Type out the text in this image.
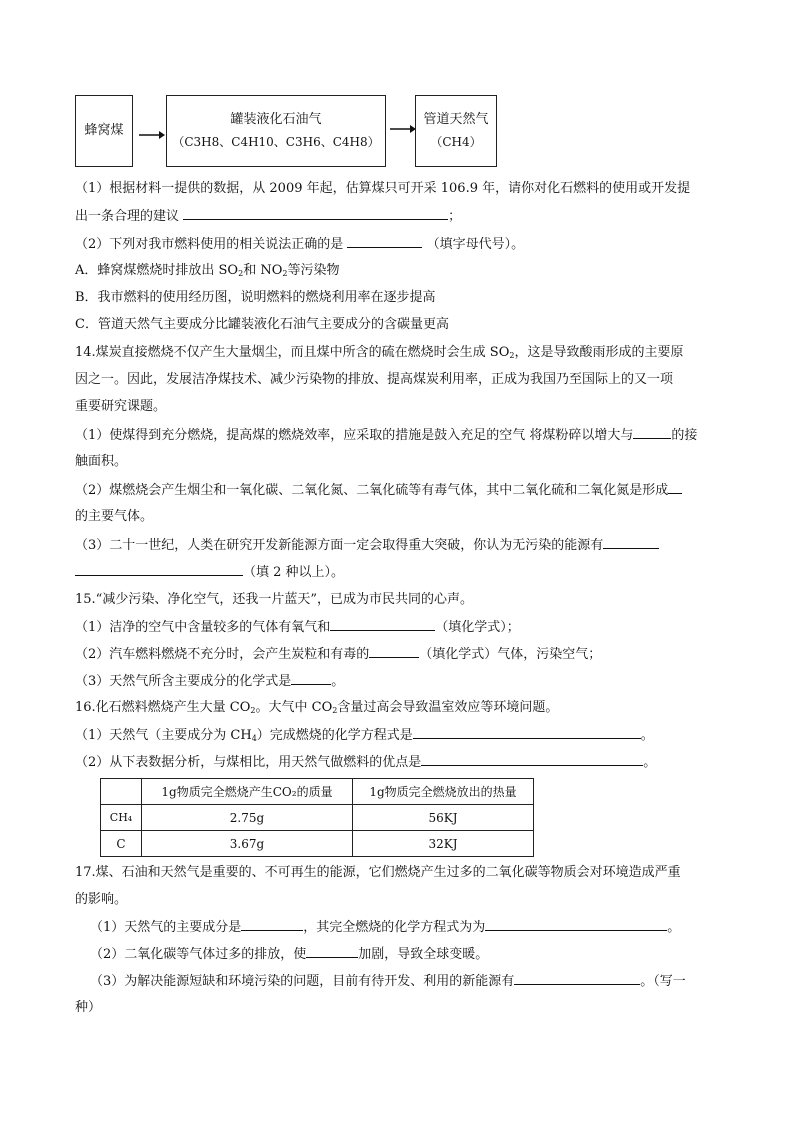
蜂窝煤
罐装液化石油气
（C3H8、C4H10、C3H6、C4H8）
管道天然气
（CH4）
（1）根据材料一提供的数据，从 2009 年起，估算煤只可开采 106.9 年，请你对化石燃料的使用或开发提
出一条合理的建议	；
（2）下列对我市燃料使用的相关说法正确的是	（填字母代号）。
A．蜂窝煤燃烧时排放出 $SO_2$和 $NO_2$等污染物
B．我市燃料的使用经历图，说明燃料的燃烧利用率在逐步提高
C．管道天然气主要成分比罐装液化石油气主要成分的含碳量更高
14.煤炭直接燃烧不仅产生大量烟尘，而且煤中所含的硫在燃烧时会生成 $SO_2$，这是导致酸雨形成的主要原
因之一。因此，发展洁净煤技术、减少污染物的排放、提高煤炭利用率，正成为我国乃至国际上的又一项
重要研究课题。
（1）使煤得到充分燃烧，提高煤的燃烧效率，应采取的措施是鼓入充足的空气 将煤粉碎以增大与	的接
触面积。
（2）煤燃烧会产生烟尘和一氧化碳、二氧化氮、二氧化硫等有毒气体，其中二氧化硫和二氧化氮是形成
的主要气体。
（3）二十一世纪，人类在研究开发新能源方面一定会取得重大突破，你认为无污染的能源有
（填 2 种以上）。
15.“减少污染、净化空气，还我一片蓝天”，已成为市民共同的心声。
（1）洁净的空气中含量较多的气体有氧气和	（填化学式）；
（2）汽车燃料燃烧不充分时，会产生炭粒和有毒的	（填化学式）气体，污染空气；
（3）天然气所含主要成分的化学式是	。
16.化石燃料燃烧产生大量 $CO_2$。大气中 $CO_2$含量过高会导致温室效应等环境问题。
（1）天然气（主要成分为 $CH_4$）完成燃烧的化学方程式是	。
（2）从下表数据分析，与煤相比，用天然气做燃料的优点是	。
	1g物质完全燃烧产生CO₂的质量	1g物质完全燃烧放出的热量
CH₄	2.75g	56KJ
C	3.67g	32KJ
17.煤、石油和天然气是重要的、不可再生的能源，它们燃烧产生过多的二氧化碳等物质会对环境造成严重
的影响。
（1）天然气的主要成分是	，其完全燃烧的化学方程式为为	。
（2）二氧化碳等气体过多的排放，使	加剧，导致全球变暖。
（3）为解决能源短缺和环境污染的问题，目前有待开发、利用的新能源有	。（写一
种）
